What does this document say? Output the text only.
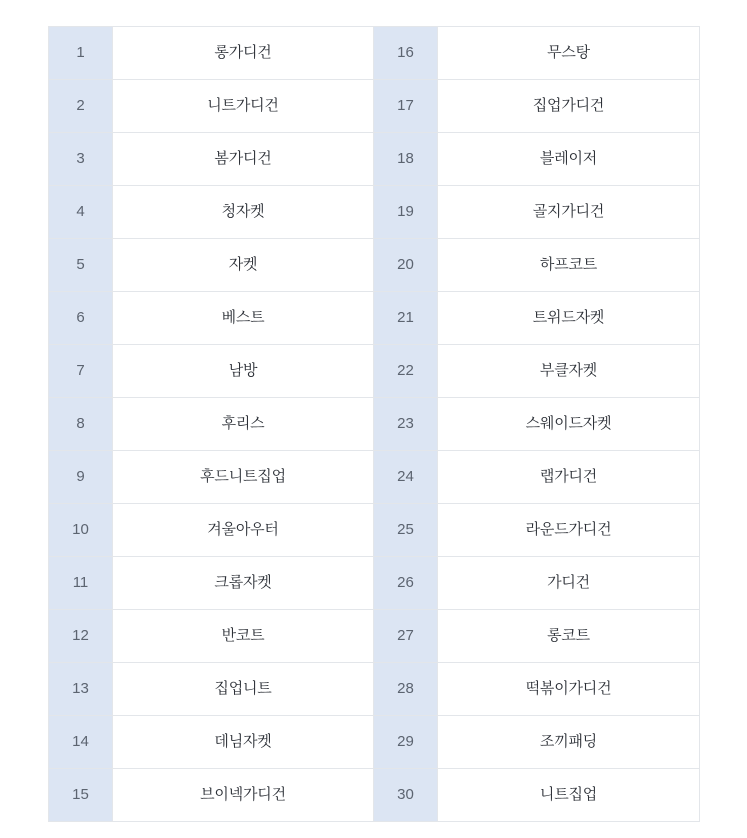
1	롱가디건	16	무스탕
2	니트가디건	17	집업가디건
3	봄가디건	18	블레이저
4	청자켓	19	골지가디건
5	자켓	20	하프코트
6	베스트	21	트위드자켓
7	남방	22	부클자켓
8	후리스	23	스웨이드자켓
9	후드니트집업	24	랩가디건
10	겨울아우터	25	라운드가디건
11	크롭자켓	26	가디건
12	반코트	27	롱코트
13	집업니트	28	떡볶이가디건
14	데님자켓	29	조끼패딩
15	브이넥가디건	30	니트집업
